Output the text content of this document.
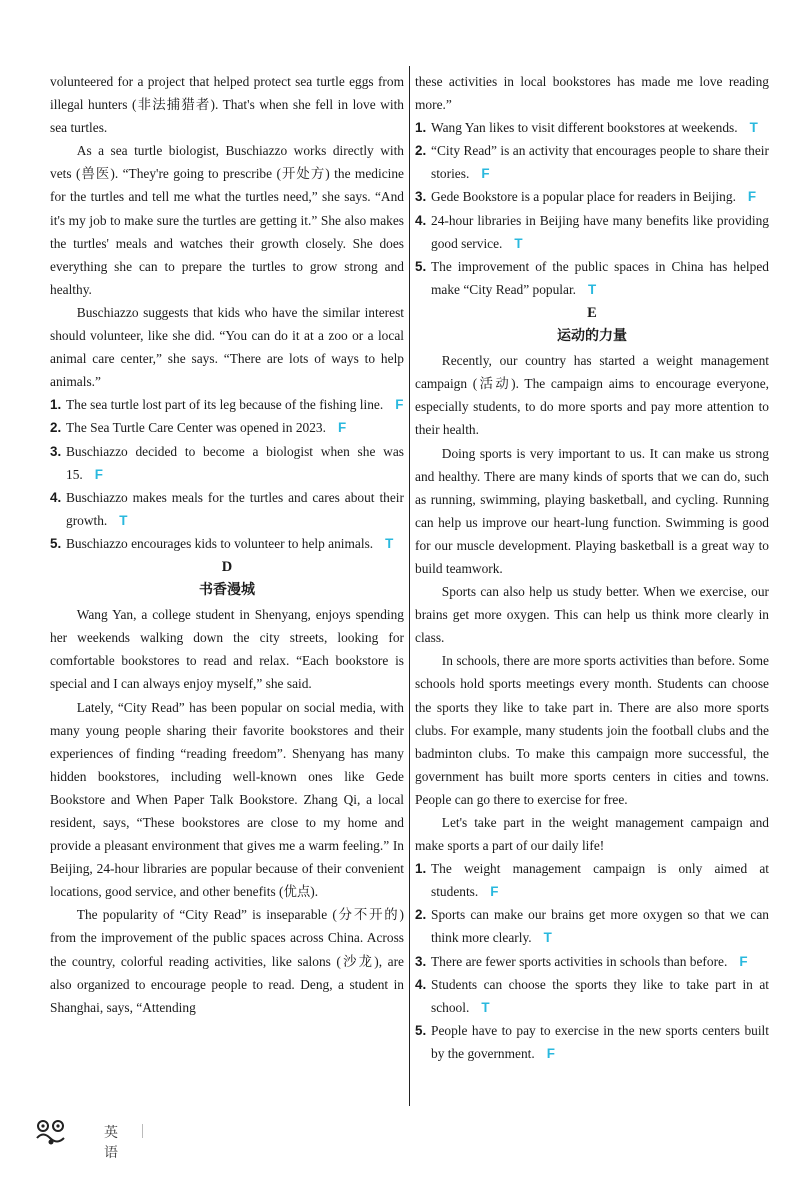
volunteered for a project that helped protect sea turtle eggs from illegal hunters (非法捕猎者). That's when she fell in love with sea turtles.

As a sea turtle biologist, Buschiazzo works directly with vets (兽医). “They're going to prescribe (开处方) the medicine for the turtles and tell me what the turtles need,” she says. “And it's my job to make sure the turtles are getting it.” She also makes the turtles' meals and watches their growth closely. She does everything she can to prepare the turtles to grow strong and healthy.

Buschiazzo suggests that kids who have the similar interest should volunteer, like she did. “You can do it at a zoo or a local animal care center,” she says. “There are lots of ways to help animals.”

1. The sea turtle lost part of its leg because of the fishing line. F
2. The Sea Turtle Care Center was opened in 2023. F
3. Buschiazzo decided to become a biologist when she was 15. F
4. Buschiazzo makes meals for the turtles and cares about their growth. T
5. Buschiazzo encourages kids to volunteer to help animals. T
D
书香漫城

Wang Yan, a college student in Shenyang, enjoys spending her weekends walking down the city streets, looking for comfortable bookstores to read and relax. “Each bookstore is special and I can always enjoy myself,” she said.

Lately, “City Read” has been popular on social media, with many young people sharing their favorite bookstores and their experiences of finding “reading freedom”. Shenyang has many hidden bookstores, including well-known ones like Gede Bookstore and When Paper Talk Bookstore. Zhang Qi, a local resident, says, “These bookstores are close to my home and provide a pleasant environment that gives me a warm feeling.” In Beijing, 24-hour libraries are popular because of their convenient locations, good service, and other benefits (优点).

The popularity of “City Read” is inseparable (分不开的) from the improvement of the public spaces across China. Across the country, colorful reading activities, like salons (沙龙), are also organized to encourage people to read. Deng, a student in Shanghai, says, “Attending

these activities in local bookstores has made me love reading more.”

1. Wang Yan likes to visit different bookstores at weekends. T
2. “City Read” is an activity that encourages people to share their stories. F
3. Gede Bookstore is a popular place for readers in Beijing. F
4. 24-hour libraries in Beijing have many benefits like providing good service. T
5. The improvement of the public spaces in China has helped make “City Read” popular. T
E
运动的力量

Recently, our country has started a weight management campaign (活动). The campaign aims to encourage everyone, especially students, to do more sports and pay more attention to their health.

Doing sports is very important to us. It can make us strong and healthy. There are many kinds of sports that we can do, such as running, swimming, playing basketball, and cycling. Running can help us improve our heart-lung function. Swimming is good for our muscle development. Playing basketball is a great way to build teamwork.

Sports can also help us study better. When we exercise, our brains get more oxygen. This can help us think more clearly in class.

In schools, there are more sports activities than before. Some schools hold sports meetings every month. Students can choose the sports they like to take part in. There are also more sports clubs. For example, many students join the football clubs and the badminton clubs. To make this campaign more successful, the government has built more sports centers in cities and towns. People can go there to exercise for free.

Let's take part in the weight management campaign and make sports a part of our daily life!

1. The weight management campaign is only aimed at students. F
2. Sports can make our brains get more oxygen so that we can think more clearly. T
3. There are fewer sports activities in schools than before. F
4. Students can choose the sports they like to take part in at school. T
5. People have to pay to exercise in the new sports centers built by the government. F
英语
